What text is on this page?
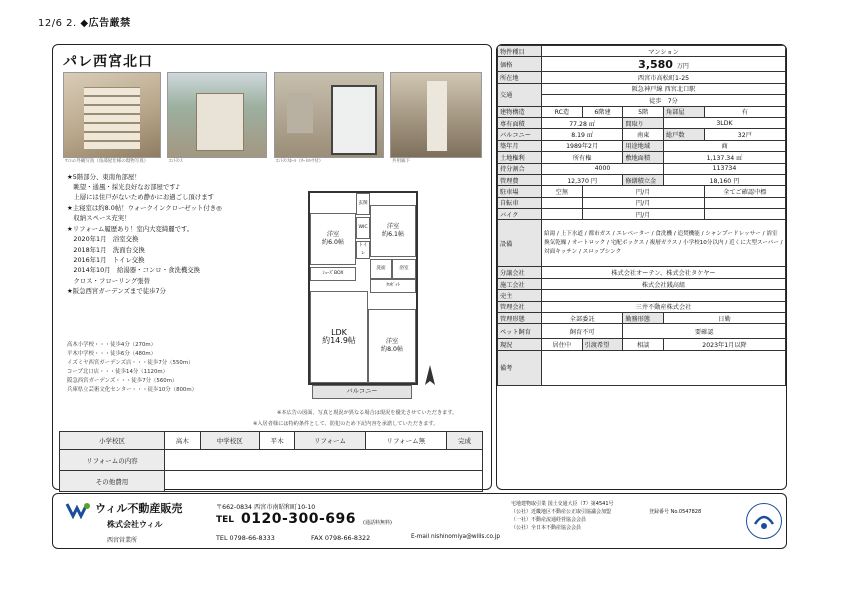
12/6 2. ◆広告厳禁
パレ西宮北口
ﾏﾝｼｮﾝ外観写真（角部屋仕様の現物写真）	ｴﾝﾄﾗﾝｽ	ｴﾝﾄﾗﾝｽﾎｰﾙ（ｵｰﾄﾛｯｸ付）	共用廊下
★5階部分、東南角部屋！
　眺望・通風・採光良好なお部屋です♪
　上層には住戸がないため静かにお過ごし頂けます
★主寝室は約8.0帖！ウォークインクローゼット付き◎
　収納スペース充実！
★リフォーム履歴あり！室内大変綺麗です。
　2020年1月　浴室交換
　2018年1月　洗面台交換
　2016年1月　トイレ交換
　2014年10月　給湯器・コンロ・食洗機交換
　クロス・フローリング張替
★阪急西宮ガーデンズまで徒歩7分
高木小学校・・・徒歩4分（270m）
平木中学校・・・徒歩6分（480m）
イズミヤ西宮ガーデンズ店・・・徒歩7分（550m）
コープ北口店・・・徒歩14分（1120m）
阪急西宮ガーデンズ・・・徒歩7分（560m）
兵庫県立芸術文化センター・・・徒歩10分（800m）
洋室
約6.0帖
洋室
約6.1帖
LDK
約14.9帖	洋室
約8.0帖
玄関
WIC
洗面	浴室
トイレ
ｸﾛｾﾞｯﾄ
ｼｭｰｽﾞBOX
バルコニー
※本広告の図面、写真と現況が異なる場合は現況を優先させていただきます。
※入居者様には特約条件として、防犯のため下記内容を承諾していただきます。
小学校区	高木	中学校区	平木	リフォーム	リフォーム無	完成
リフォームの内容						
その他費用						
物件種目	マンション				
価格	3,580 万円				
所在地	西宮市高松町1-25				
交通	阪急神戸線 西宮北口駅				
	徒歩　7分				
建物構造	RC造	6階建	5階	角部屋	有
専有面積	77.28 ㎡		間取り	3LDK	
バルコニー	8.19 ㎡		南東	総戸数	32戸
築年月	1989年2月		用途地域	商	
土地権利	所有権		敷地面積	1,137.34 ㎡	
持分割合	4000			113734	
管理費	12,370 円		修繕積立金	18,160 円	
駐車場	空無	円/月			全てご確認中標
自転車		円/月			
バイク		円/月			
設備	給湯 / 上下水道 / 都市ガス / エレベーター / 食洗機 / 追焚機能 / シャンプードレッサー / 浴室換気乾燥 / オートロック / 宅配ボックス / 複層ガラス / 小学校10分以内 / 近くに大型スーパー / 対面キッチン / スロップシンク				
分譲会社	株式会社オーテン、株式会社タケヤー				
施工会社	株式会社銭高組				
売主					
管理会社	三井不動産株式会社				
管理形態	全部委託		勤務形態	日勤	
ペット飼育	飼育不可		要確認		
現況	居住中	引渡希望	相談	2023年1月以降	
備考					
ウィル不動産販売
株式会社ウィル
西宮営業所
〒662-0834 西宮市南昭和町10-10
TEL 0120-300-696 (通話料無料)
TEL 0798-66-8333	FAX 0798-66-8322	E-mail nishinomiya@wills.co.jp
宅地建物取引業 国土交通大臣（7）第4541号
（公社）近畿地区不動産公正取引協議会加盟
（一社）不動産流通経営協会会員
（公社）全日本不動産協会会員
登録番号 No.0547828
